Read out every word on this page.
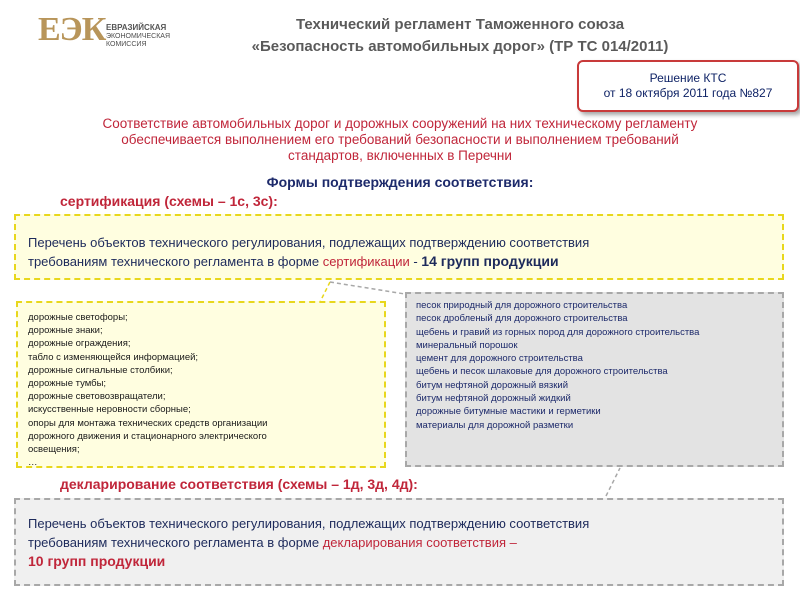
ЕЭК ЕВРАЗИЙСКАЯ
ЭКОНОМИЧЕСКАЯ
КОМИССИЯ
Технический регламент Таможенного союза
«Безопасность автомобильных дорог» (ТР ТС 014/2011)
Решение КТС
от 18 октября 2011 года №827
Соответствие автомобильных дорог и дорожных сооружений на них техническому регламенту
обеспечивается выполнением его требований безопасности и выполнением требований
стандартов, включенных в Перечни
Формы подтверждения соответствия:
сертификация (схемы – 1с, 3с):
Перечень объектов технического регулирования, подлежащих подтверждению соответствия
требованиям технического регламента в форме сертификации - 14 групп продукции
дорожные светофоры;
дорожные знаки;
дорожные ограждения;
табло с изменяющейся информацией;
дорожные сигнальные столбики;
дорожные тумбы;
дорожные световозвращатели;
искусственные неровности сборные;
опоры для монтажа технических средств организации
дорожного движения и стационарного электрического
освещения;
…
песок природный для дорожного строительства
песок дробленый для дорожного строительства
щебень и гравий из горных пород для дорожного строительства
минеральный порошок
цемент для дорожного строительства
щебень и песок шлаковые для дорожного строительства
битум нефтяной дорожный вязкий
битум нефтяной дорожный жидкий
дорожные битумные мастики и герметики
материалы для дорожной разметки
декларирование соответствия (схемы – 1д, 3д, 4д):
Перечень объектов технического регулирования, подлежащих подтверждению соответствия
требованиям технического регламента в форме декларирования соответствия –
10 групп продукции
